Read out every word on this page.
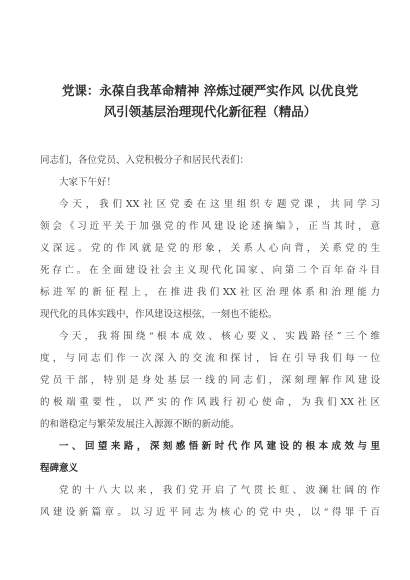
党课：永葆自我革命精神 淬炼过硬严实作风 以优良党
风引领基层治理现代化新征程（精品）

同志们，各位党员、入党积极分子和居民代表们：

大家下午好！

今天，我们XX社区党委在这里组织专题党课，共同学习
领会《习近平关于加强党的作风建设论述摘编》，正当其时，意
义深远。党的作风就是党的形象，关系人心向背，关系党的生
死存亡。在全面建设社会主义现代化国家、向第二个百年奋斗目
标进军的新征程上，在推进我们XX社区治理体系和治理能力
现代化的具体实践中，作风建设这根弦，一刻也不能松。

今天，我将围绕“根本成效、核心要义、实践路径”三个维
度，与同志们作一次深入的交流和探讨，旨在引导我们每一位
党员干部，特别是身处基层一线的同志们，深刻理解作风建设
的极端重要性，以严实的作风践行初心使命，为我们XX社区
的和谐稳定与繁荣发展注入源源不断的新动能。

一、回望来路，深刻感悟新时代作风建设的根本成效与里
程碑意义

党的十八大以来，我们党开启了气贯长虹、波澜壮阔的作
风建设新篇章。以习近平同志为核心的党中央，以“得罪千百
